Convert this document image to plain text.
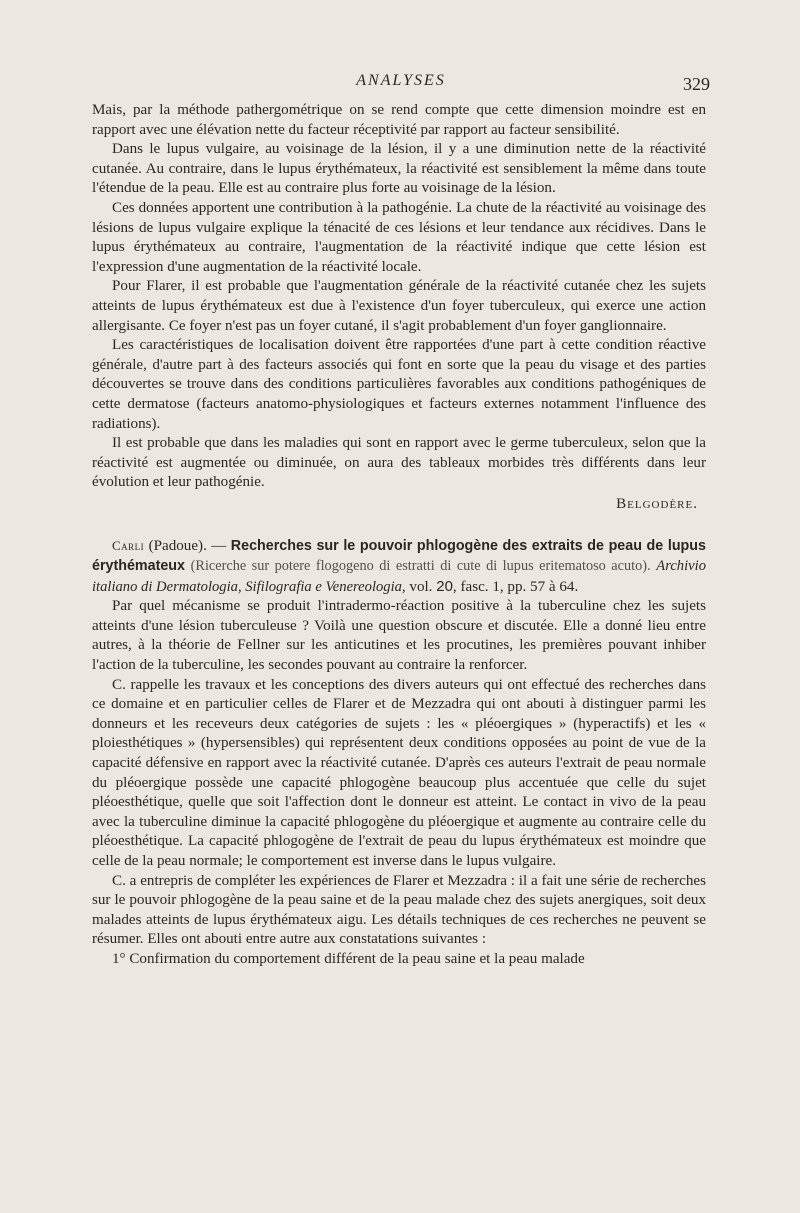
ANALYSES	329

Mais, par la méthode pathergométrique on se rend compte que cette dimension moindre est en rapport avec une élévation nette du facteur réceptivité par rapport au facteur sensibilité.

Dans le lupus vulgaire, au voisinage de la lésion, il y a une diminution nette de la réactivité cutanée. Au contraire, dans le lupus érythémateux, la réactivité est sensiblement la même dans toute l'étendue de la peau. Elle est au contraire plus forte au voisinage de la lésion.

Ces données apportent une contribution à la pathogénie. La chute de la réactivité au voisinage des lésions de lupus vulgaire explique la ténacité de ces lésions et leur tendance aux récidives. Dans le lupus érythémateux au contraire, l'augmentation de la réactivité indique que cette lésion est l'expression d'une augmentation de la réactivité locale.

Pour Flarer, il est probable que l'augmentation générale de la réactivité cutanée chez les sujets atteints de lupus érythémateux est due à l'existence d'un foyer tuberculeux, qui exerce une action allergisante. Ce foyer n'est pas un foyer cutané, il s'agit probablement d'un foyer ganglionnaire.

Les caractéristiques de localisation doivent être rapportées d'une part à cette condition réactive générale, d'autre part à des facteurs associés qui font en sorte que la peau du visage et des parties découvertes se trouve dans des conditions particulières favorables aux conditions pathogéniques de cette dermatose (facteurs anatomo-physiologiques et facteurs externes notamment l'influence des radiations).

Il est probable que dans les maladies qui sont en rapport avec le germe tuberculeux, selon que la réactivité est augmentée ou diminuée, on aura des tableaux morbides très différents dans leur évolution et leur pathogénie.

Belgodère.

Carli (Padoue). — Recherches sur le pouvoir phlogogène des extraits de peau de lupus érythémateux (Ricerche sur potere flogogeno di estratti di cute di lupus eritematoso acuto). Archivio italiano di Dermatologia, Sifilografia e Venereologia, vol. 20, fasc. 1, pp. 57 à 64.

Par quel mécanisme se produit l'intradermo-réaction positive à la tuberculine chez les sujets atteints d'une lésion tuberculeuse ? Voilà une question obscure et discutée. Elle a donné lieu entre autres, à la théorie de Fellner sur les anticutines et les procutines, les premières pouvant inhiber l'action de la tuberculine, les secondes pouvant au contraire la renforcer.

C. rappelle les travaux et les conceptions des divers auteurs qui ont effectué des recherches dans ce domaine et en particulier celles de Flarer et de Mezzadra qui ont abouti à distinguer parmi les donneurs et les receveurs deux catégories de sujets : les « pléoergiques » (hyperactifs) et les « ploiesthétiques » (hypersensibles) qui représentent deux conditions opposées au point de vue de la capacité défensive en rapport avec la réactivité cutanée. D'après ces auteurs l'extrait de peau normale du pléoergique possède une capacité phlogogène beaucoup plus accentuée que celle du sujet pléoesthétique, quelle que soit l'affection dont le donneur est atteint. Le contact in vivo de la peau avec la tuberculine diminue la capacité phlogogène du pléoergique et augmente au contraire celle du pléoesthétique. La capacité phlogogène de l'extrait de peau du lupus érythémateux est moindre que celle de la peau normale; le comportement est inverse dans le lupus vulgaire.

C. a entrepris de compléter les expériences de Flarer et Mezzadra : il a fait une série de recherches sur le pouvoir phlogogène de la peau saine et de la peau malade chez des sujets anergiques, soit deux malades atteints de lupus érythémateux aigu. Les détails techniques de ces recherches ne peuvent se résumer. Elles ont abouti entre autre aux constatations suivantes :

1° Confirmation du comportement différent de la peau saine et la peau malade
